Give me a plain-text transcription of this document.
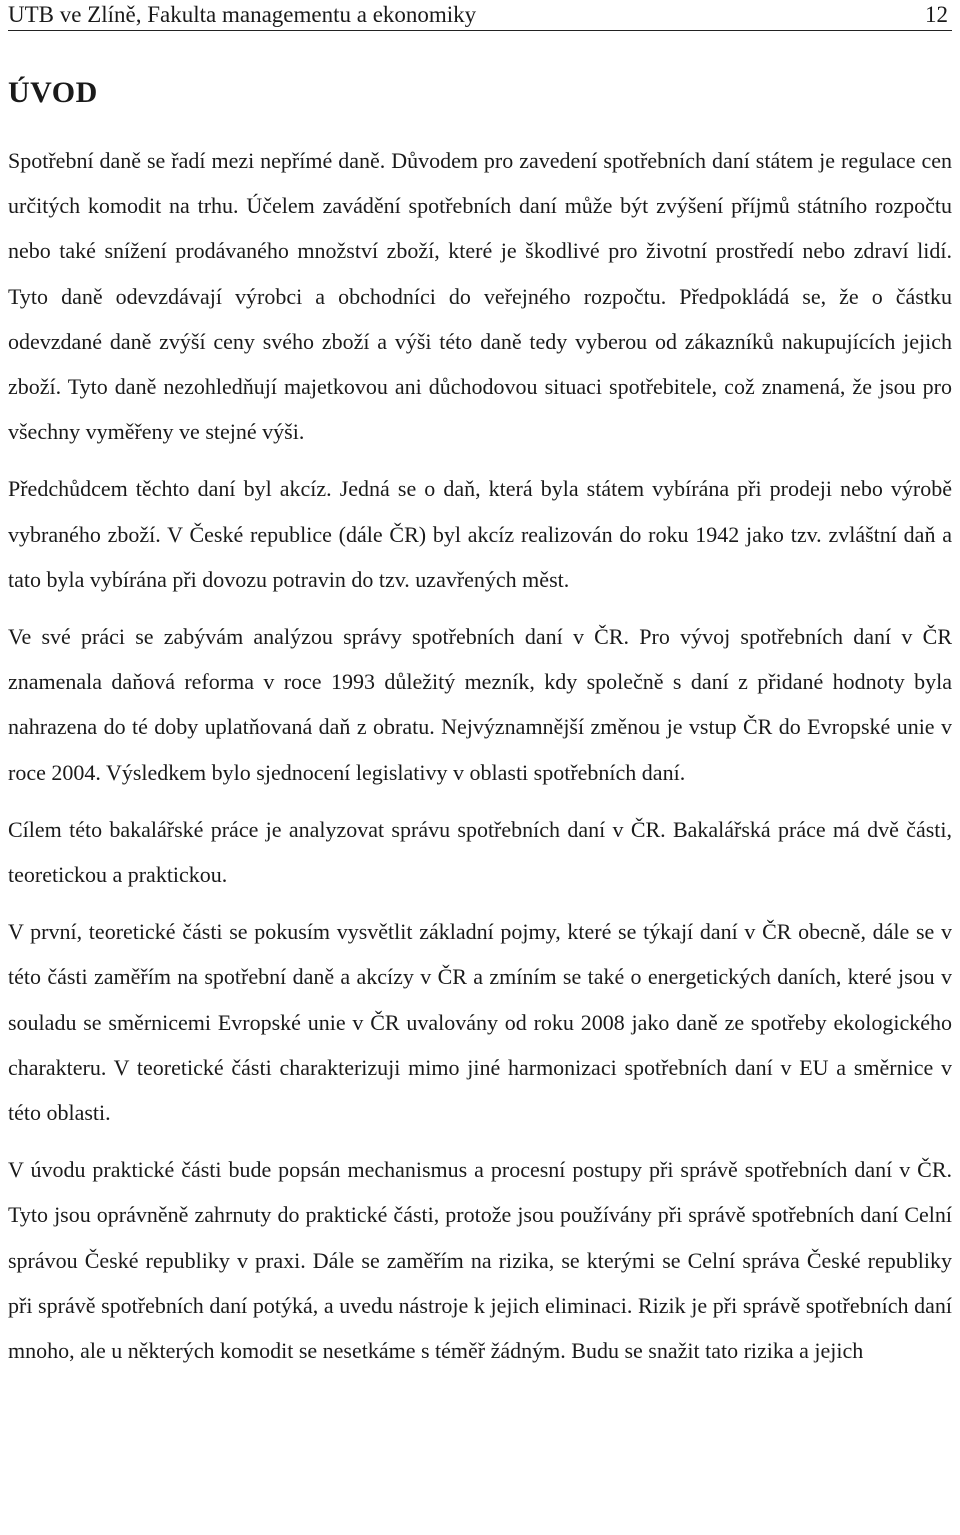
UTB ve Zlíně, Fakulta managementu a ekonomiky	12
ÚVOD

Spotřební daně se řadí mezi nepřímé daně. Důvodem pro zavedení spotřebních daní státem je regulace cen určitých komodit na trhu. Účelem zavádění spotřebních daní může být zvýšení příjmů státního rozpočtu nebo také snížení prodávaného množství zboží, které je škodlivé pro životní prostředí nebo zdraví lidí. Tyto daně odevzdávají výrobci a obchodníci do veřejného rozpočtu. Předpokládá se, že o částku odevzdané daně zvýší ceny svého zboží a výši této daně tedy vyberou od zákazníků nakupujících jejich zboží. Tyto daně nezohledňují majetkovou ani důchodovou situaci spotřebitele, což znamená, že jsou pro všechny vyměřeny ve stejné výši.

Předchůdcem těchto daní byl akcíz. Jedná se o daň, která byla státem vybírána při prodeji nebo výrobě vybraného zboží. V České republice (dále ČR) byl akcíz realizován do roku 1942 jako tzv. zvláštní daň a tato byla vybírána při dovozu potravin do tzv. uzavřených měst.

Ve své práci se zabývám analýzou správy spotřebních daní v ČR. Pro vývoj spotřebních daní v ČR znamenala daňová reforma v roce 1993 důležitý mezník, kdy společně s daní z přidané hodnoty byla nahrazena do té doby uplatňovaná daň z obratu. Nejvýznamnější změnou je vstup ČR do Evropské unie v roce 2004. Výsledkem bylo sjednocení legislativy v oblasti spotřebních daní.

Cílem této bakalářské práce je analyzovat správu spotřebních daní v ČR. Bakalářská práce má dvě části, teoretickou a praktickou.

V první, teoretické části se pokusím vysvětlit základní pojmy, které se týkají daní v ČR obecně, dále se v této části zaměřím na spotřební daně a akcízy v ČR a zmíním se také o energetických daních, které jsou v souladu se směrnicemi Evropské unie v ČR uvalovány od roku 2008 jako daně ze spotřeby ekologického charakteru. V teoretické části charakterizuji mimo jiné harmonizaci spotřebních daní v EU a směrnice v této oblasti.

V úvodu praktické části bude popsán mechanismus a procesní postupy při správě spotřebních daní v ČR. Tyto jsou oprávněně zahrnuty do praktické části, protože jsou používány při správě spotřebních daní Celní správou České republiky v praxi. Dále se zaměřím na rizika, se kterými se Celní správa České republiky při správě spotřebních daní potýká, a uvedu nástroje k jejich eliminaci. Rizik je při správě spotřebních daní mnoho, ale u některých komodit se nesetkáme s téměř žádným. Budu se snažit tato rizika a jejich
